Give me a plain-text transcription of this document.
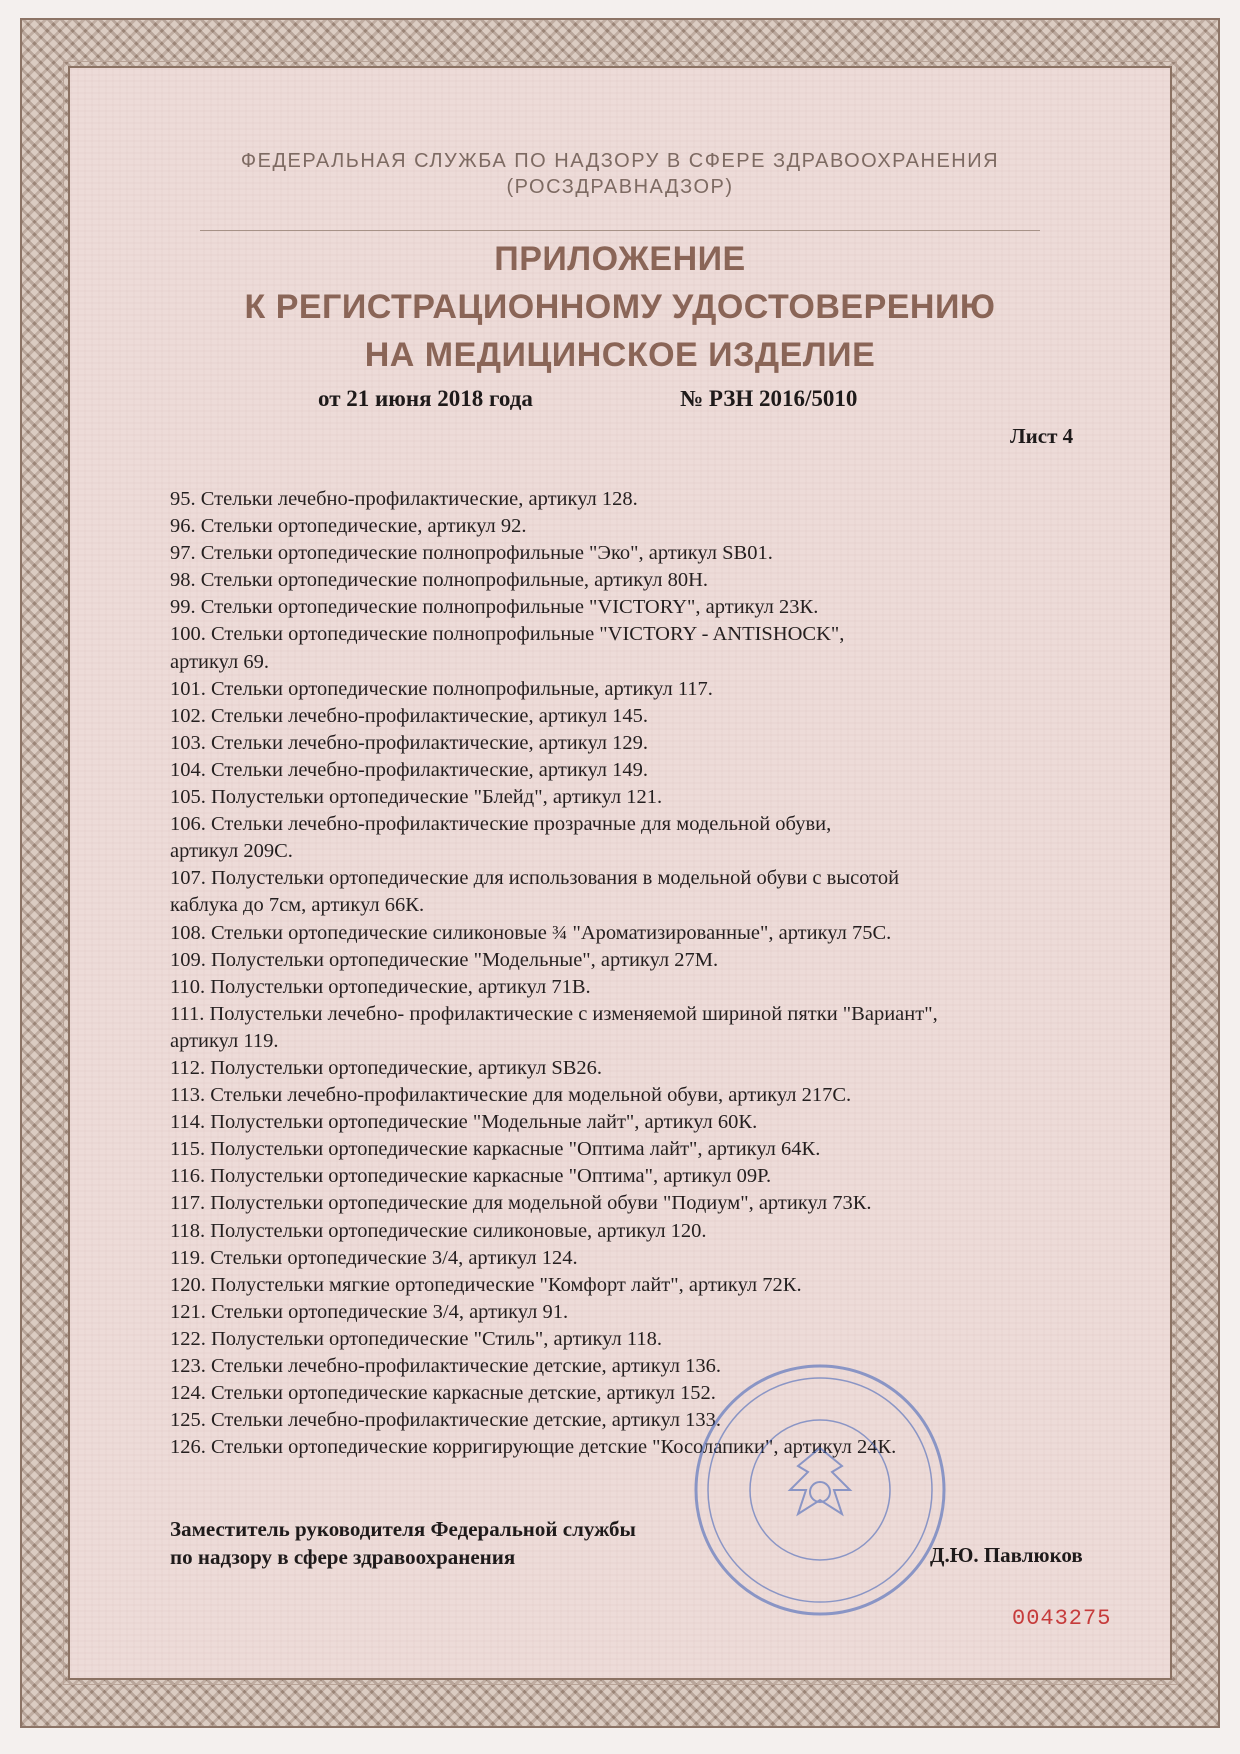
ФЕДЕРАЛЬНАЯ СЛУЖБА ПО НАДЗОРУ В СФЕРЕ ЗДРАВООХРАНЕНИЯ
(РОСЗДРАВНАДЗОР)
ПРИЛОЖЕНИЕ
К РЕГИСТРАЦИОННОМУ УДОСТОВЕРЕНИЮ
НА МЕДИЦИНСКОЕ ИЗДЕЛИЕ
от 21 июня 2018 года	№ РЗН 2016/5010
Лист 4
95. Стельки лечебно-профилактические, артикул 128.
96. Стельки ортопедические, артикул 92.
97. Стельки ортопедические полнопрофильные "Эко", артикул SB01.
98. Стельки ортопедические полнопрофильные, артикул 80Н.
99. Стельки ортопедические полнопрофильные "VICTORY", артикул 23К.
100. Стельки ортопедические полнопрофильные "VICTORY - ANTISHOCK",
артикул 69.
101. Стельки ортопедические полнопрофильные, артикул 117.
102. Стельки лечебно-профилактические, артикул 145.
103. Стельки лечебно-профилактические, артикул 129.
104. Стельки лечебно-профилактические, артикул 149.
105. Полустельки ортопедические "Блейд", артикул 121.
106. Стельки лечебно-профилактические прозрачные для модельной обуви,
артикул 209С.
107. Полустельки ортопедические для использования в модельной обуви с высотой
каблука до 7см, артикул 66К.
108. Стельки ортопедические силиконовые ¾ "Ароматизированные", артикул 75С.
109. Полустельки ортопедические "Модельные", артикул 27М.
110. Полустельки ортопедические, артикул 71В.
111. Полустельки лечебно- профилактические с изменяемой шириной пятки "Вариант",
артикул 119.
112. Полустельки ортопедические, артикул SB26.
113. Стельки лечебно-профилактические для модельной обуви, артикул 217С.
114. Полустельки ортопедические "Модельные лайт", артикул 60К.
115. Полустельки ортопедические каркасные "Оптима лайт", артикул 64К.
116. Полустельки ортопедические каркасные "Оптима", артикул 09Р.
117. Полустельки ортопедические для модельной обуви "Подиум", артикул 73К.
118. Полустельки ортопедические силиконовые, артикул 120.
119. Стельки ортопедические 3/4, артикул 124.
120. Полустельки мягкие ортопедические "Комфорт лайт", артикул 72К.
121. Стельки ортопедические 3/4, артикул 91.
122. Полустельки ортопедические "Стиль", артикул 118.
123. Стельки лечебно-профилактические детские, артикул 136.
124. Стельки ортопедические каркасные детские, артикул 152.
125. Стельки лечебно-профилактические детские, артикул 133.
126. Стельки ортопедические корригирующие детские "Косолапики", артикул 24К.
Заместитель руководителя Федеральной службы
по надзору в сфере здравоохранения	Д.Ю. Павлюков
0043275
